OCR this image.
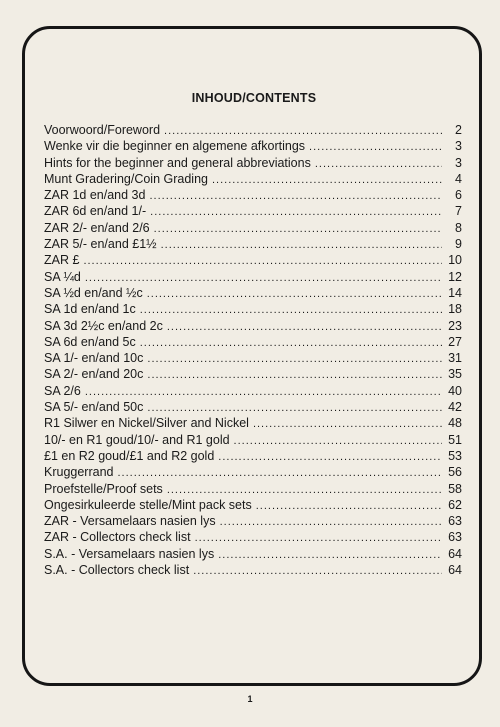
INHOUD/CONTENTS
Voorwoord/Foreword .....	2
Wenke vir die beginner en algemene afkortings .....	3
Hints for the beginner and general abbreviations .....	3
Munt Gradering/Coin Grading .....	4
ZAR 1d en/and 3d .....	6
ZAR 6d en/and 1/- .....	7
ZAR 2/- en/and 2/6 .....	8
ZAR 5/- en/and £1½ .....	9
ZAR £ .....	10
SA ¼d .....	12
SA ½d en/and ½c .....	14
SA 1d en/and 1c .....	18
SA 3d 2½c en/and 2c .....	23
SA 6d en/and 5c .....	27
SA 1/- en/and 10c .....	31
SA 2/- en/and 20c .....	35
SA 2/6 .....	40
SA 5/- en/and 50c .....	42
R1 Silwer en Nickel/Silver and Nickel .....	48
10/- en R1 goud/10/- and R1 gold .....	51
£1 en R2 goud/£1 and R2 gold .....	53
Kruggerrand .....	56
Proefstelle/Proof sets .....	58
Ongesirkuleerde stelle/Mint pack sets .....	62
ZAR - Versamelaars nasien lys .....	63
ZAR - Collectors check list .....	63
S.A. - Versamelaars nasien lys .....	64
S.A. - Collectors check list .....	64
1
